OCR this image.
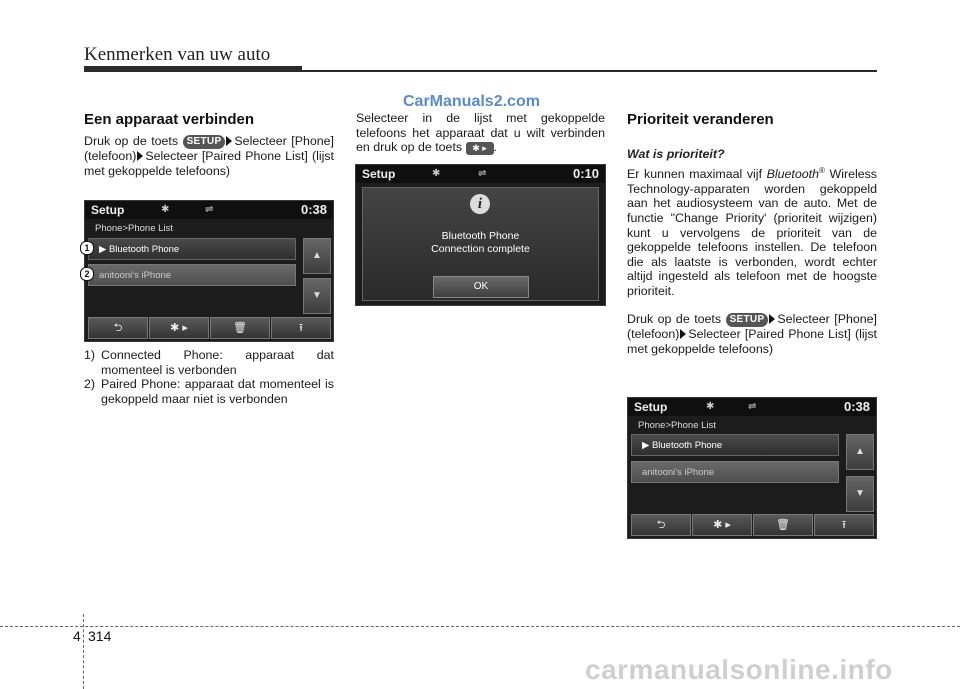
Kenmerken van uw auto
CarManuals2.com
Een apparaat verbinden
Druk op de toets SETUP Selecteer [Phone] (telefoon) Selecteer [Paired Phone List] (lijst met gekoppelde telefoons)
Setup	✱	⇌	0:38
Phone>Phone List
▶ Bluetooth Phone
anitooni's iPhone
▲
▼
⮌	✱ ▸	🗑	⭱
1
2
1) Connected Phone: apparaat dat momenteel is verbonden
2) Paired Phone: apparaat dat momenteel is gekoppeld maar niet is verbonden
Selecteer in de lijst met gekoppelde telefoons het apparaat dat u wilt verbinden en druk op de toets ✱ ▸ .
Setup	✱	⇌	0:10
i
Bluetooth Phone
Connection complete
OK
Prioriteit veranderen
Wat is prioriteit?
Er kunnen maximaal vijf Bluetooth® Wireless Technology-apparaten worden gekoppeld aan het audiosysteem van de auto. Met de functie "Change Priority' (prioriteit wijzigen) kunt u vervolgens de prioriteit van de gekoppelde telefoons instellen. De telefoon die als laatste is verbonden, wordt echter altijd ingesteld als telefoon met de hoogste prioriteit.
Druk op de toets SETUP Selecteer [Phone] (telefoon) Selecteer [Paired Phone List] (lijst met gekoppelde telefoons)
Setup	✱	⇌	0:38
Phone>Phone List
▶ Bluetooth Phone
anitooni's iPhone
▲
▼
⮌	✱ ▸	🗑	⭱
4 314
carmanualsonline.info
